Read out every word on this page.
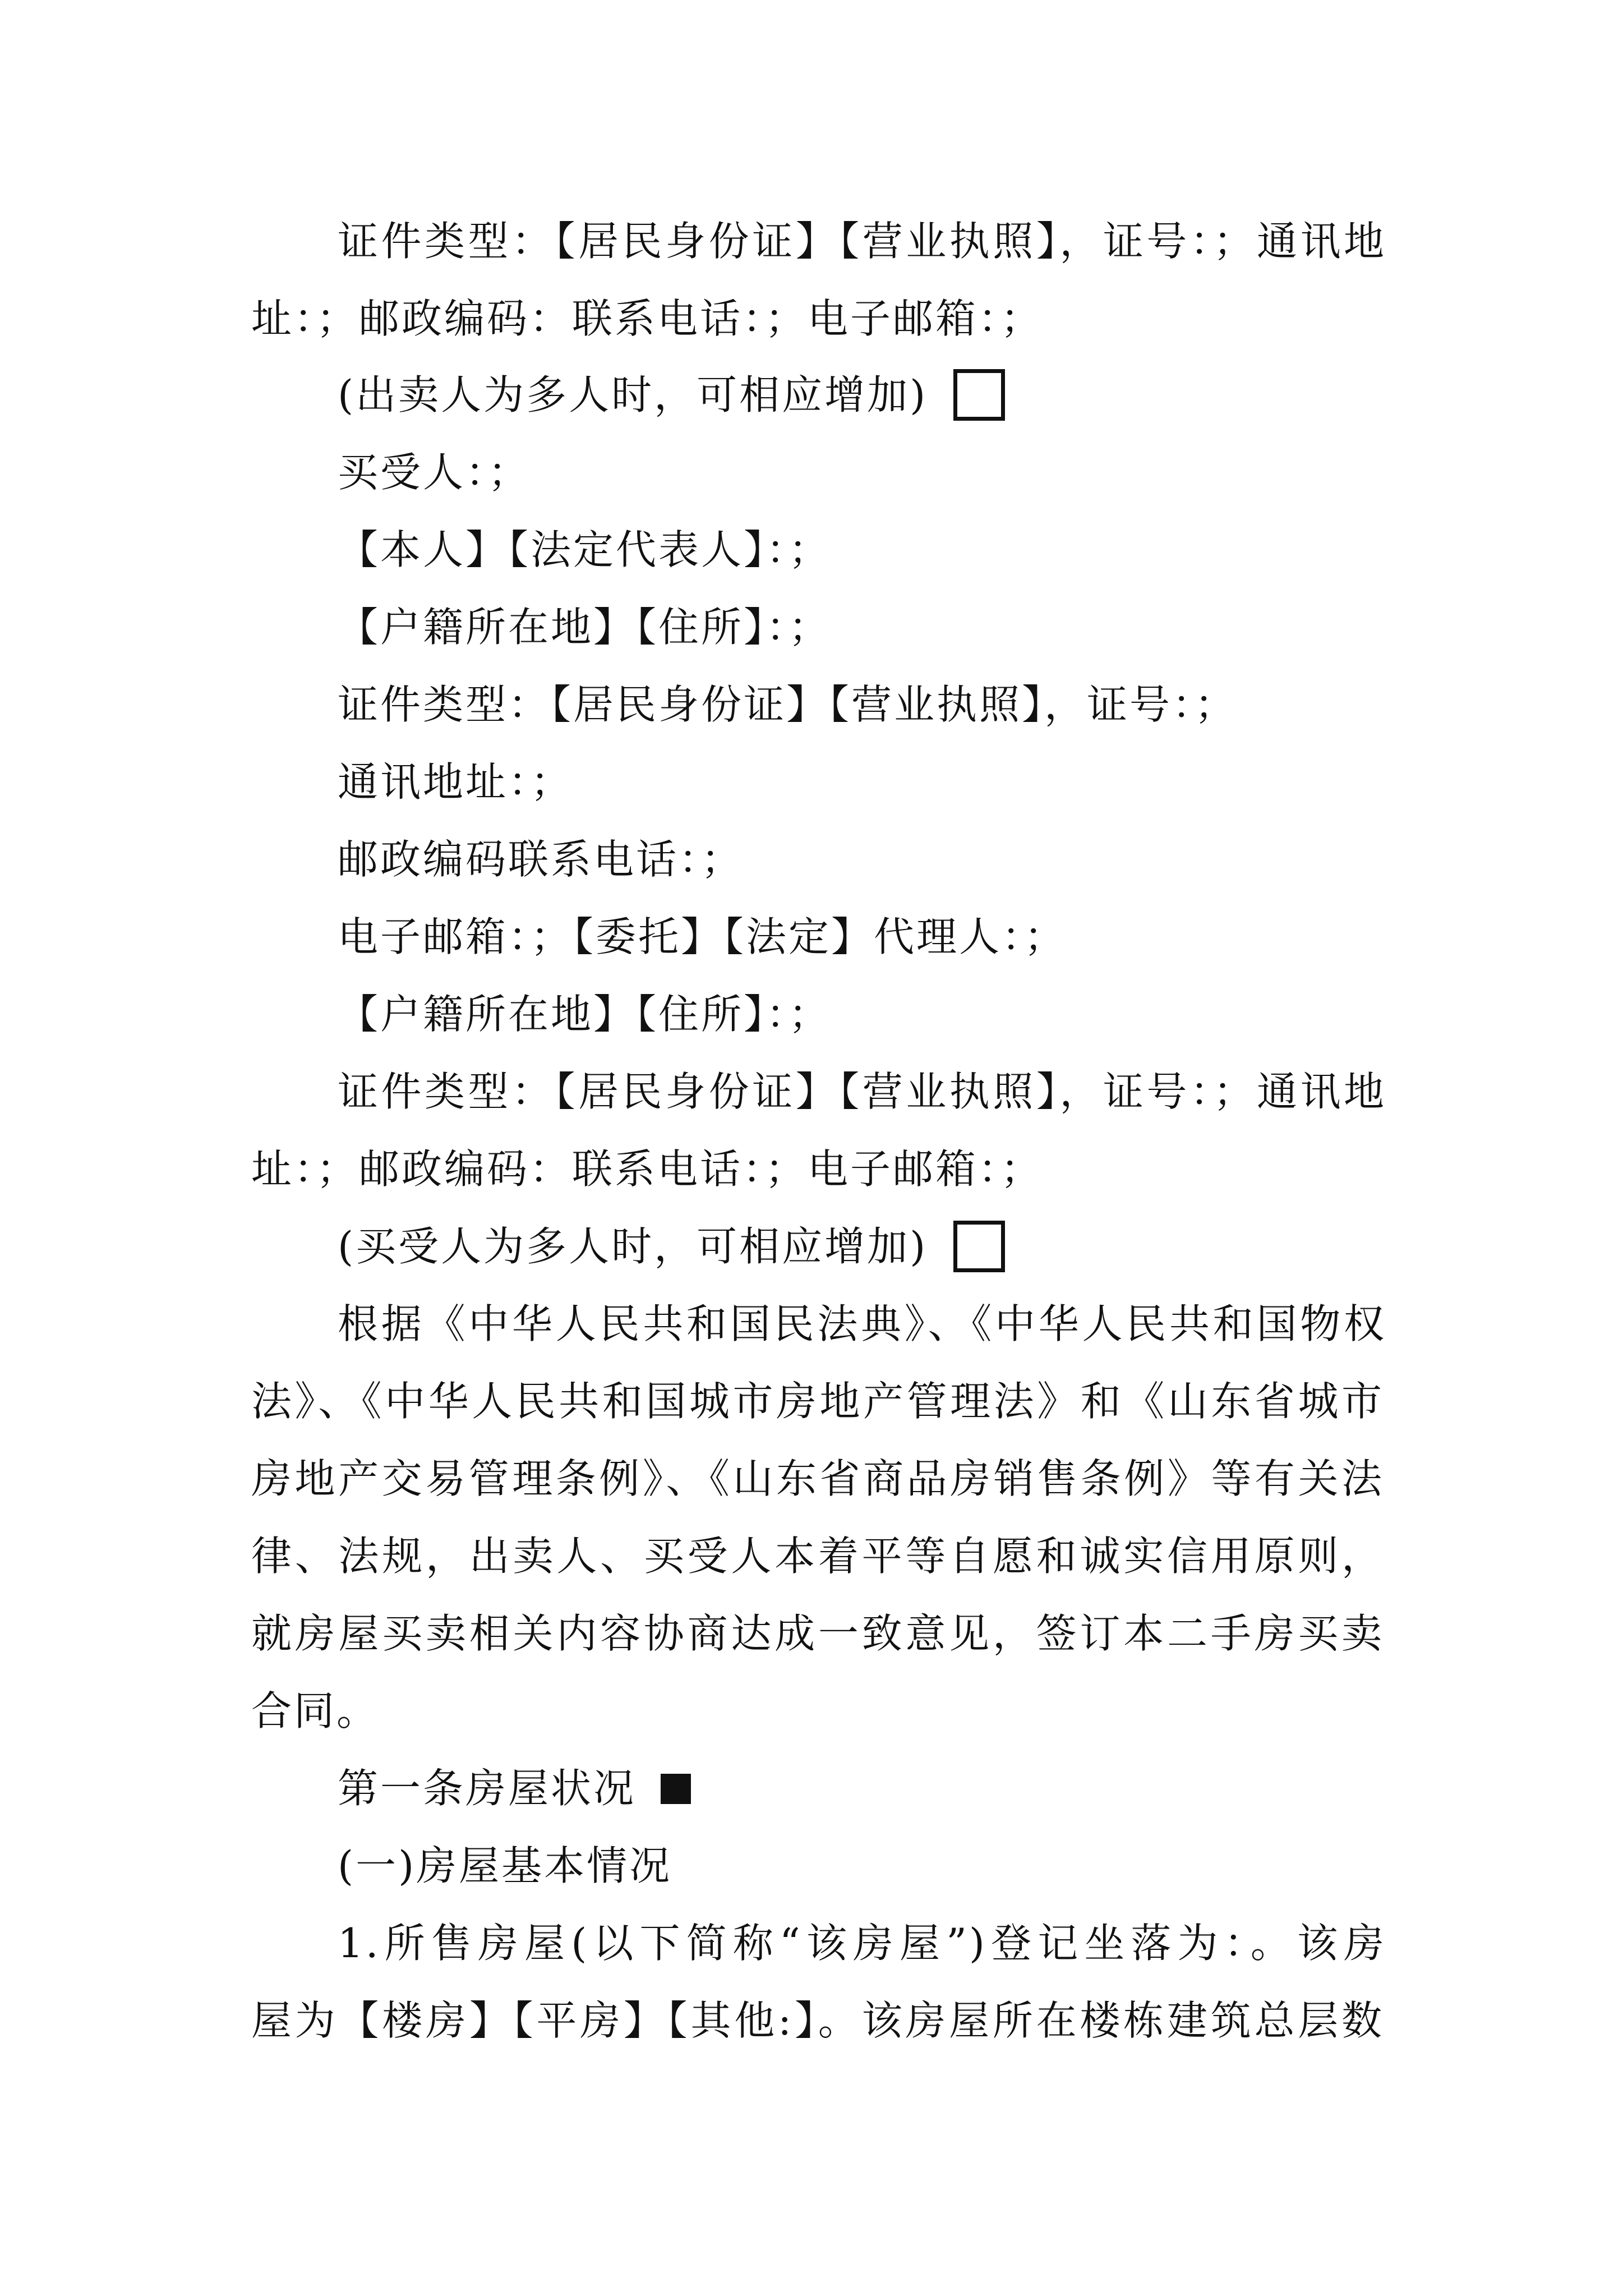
证件类型：【居民身份证】【营业执照】，证号：；通讯地
址：；邮政编码：联系电话：；电子邮箱：；
(出卖人为多人时，可相应增加)
买受人：；
【本人】【法定代表人】：；
【户籍所在地】【住所】：；
证件类型：【居民身份证】【营业执照】，证号：；
通讯地址：；
邮政编码联系电话：；
电子邮箱：；【委托】【法定】代理人：；
【户籍所在地】【住所】：；
证件类型：【居民身份证】【营业执照】，证号：；通讯地
址：；邮政编码：联系电话：；电子邮箱：；
(买受人为多人时，可相应增加)
根据《中华人民共和国民法典》、《中华人民共和国物权
法》、《中华人民共和国城市房地产管理法》和《山东省城市
房地产交易管理条例》、《山东省商品房销售条例》等有关法
律、法规，出卖人、买受人本着平等自愿和诚实信用原则，
就房屋买卖相关内容协商达成一致意见，签订本二手房买卖
合同。
第一条房屋状况
(一)房屋基本情况
1.所售房屋(以下简称“该房屋”)登记坐落为：。该房
屋为【楼房】【平房】【其他:】。该房屋所在楼栋建筑总层数
